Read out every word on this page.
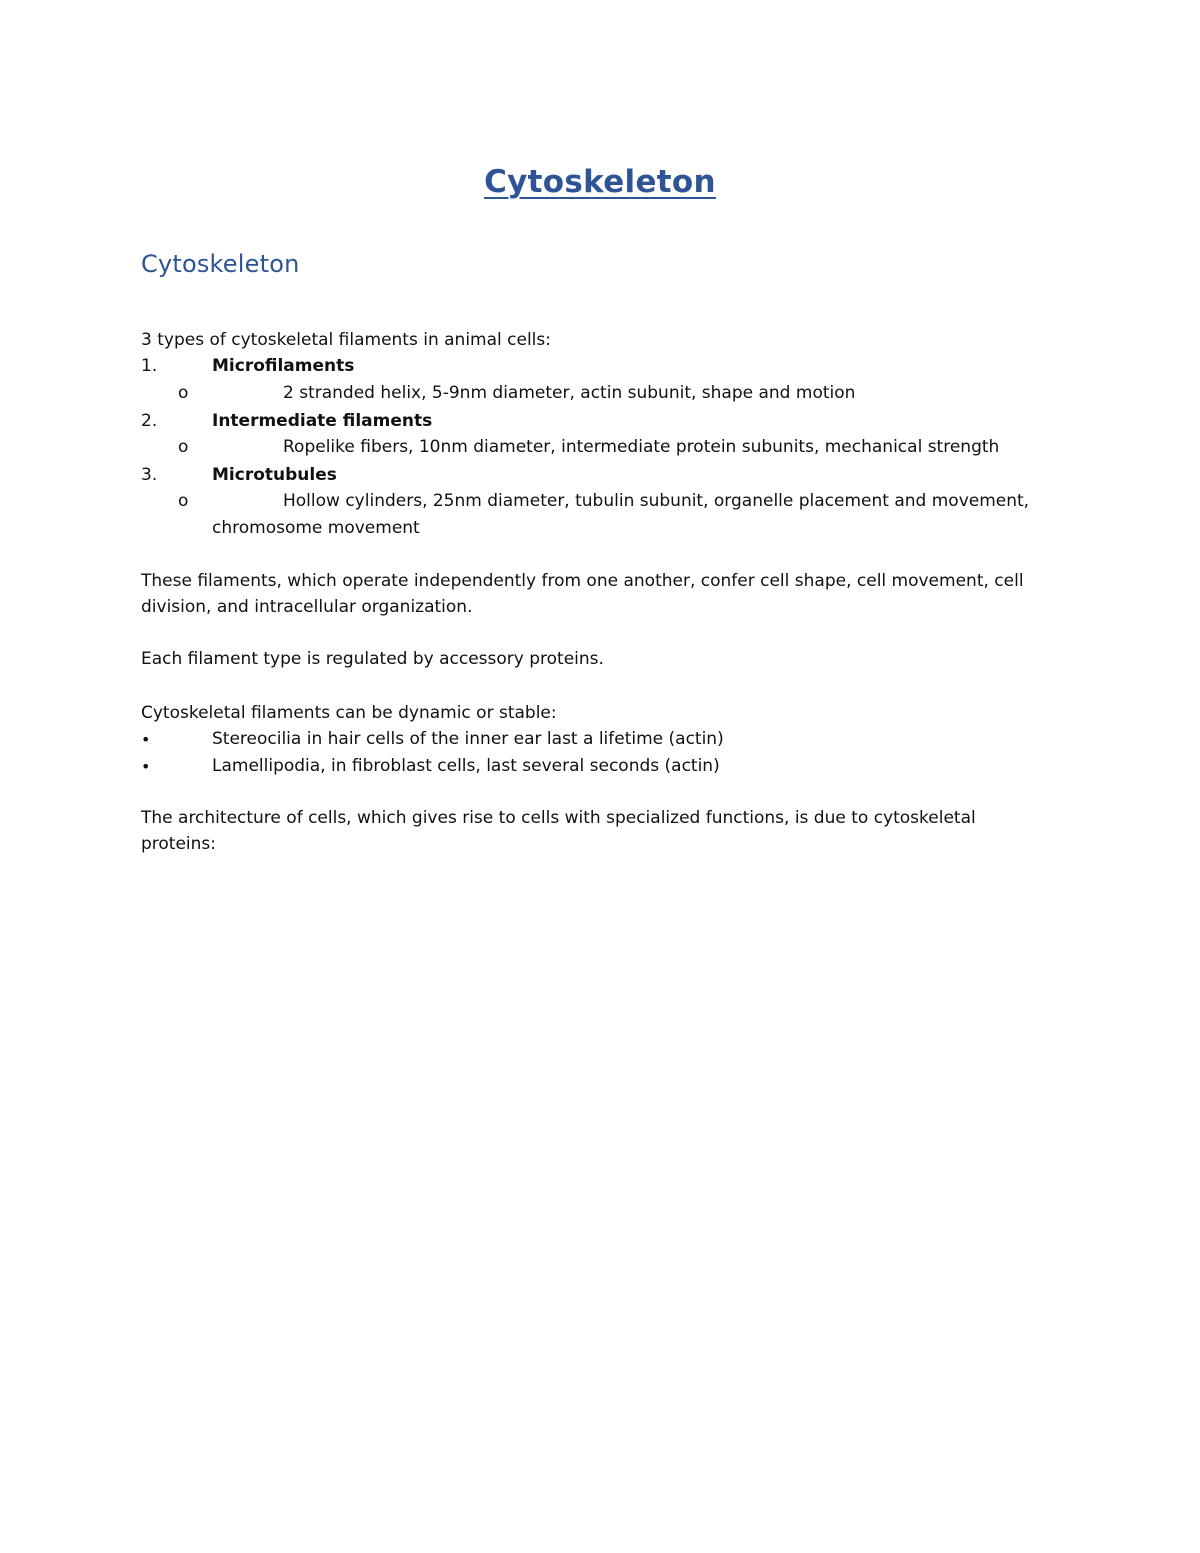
Cytoskeleton
Cytoskeleton
3 types of cytoskeletal filaments in animal cells:
1.	Microfilaments
o	2 stranded helix, 5-9nm diameter, actin subunit, shape and motion
2.	Intermediate filaments
o	Ropelike fibers, 10nm diameter, intermediate protein subunits, mechanical strength
3.	Microtubules
o	Hollow cylinders, 25nm diameter, tubulin subunit, organelle placement and movement,
chromosome movement
These filaments, which operate independently from one another, confer cell shape, cell movement, cell
division, and intracellular organization.
Each filament type is regulated by accessory proteins.
Cytoskeletal filaments can be dynamic or stable:
•	Stereocilia in hair cells of the inner ear last a lifetime (actin)
•	Lamellipodia, in fibroblast cells, last several seconds (actin)
The architecture of cells, which gives rise to cells with specialized functions, is due to cytoskeletal
proteins:
